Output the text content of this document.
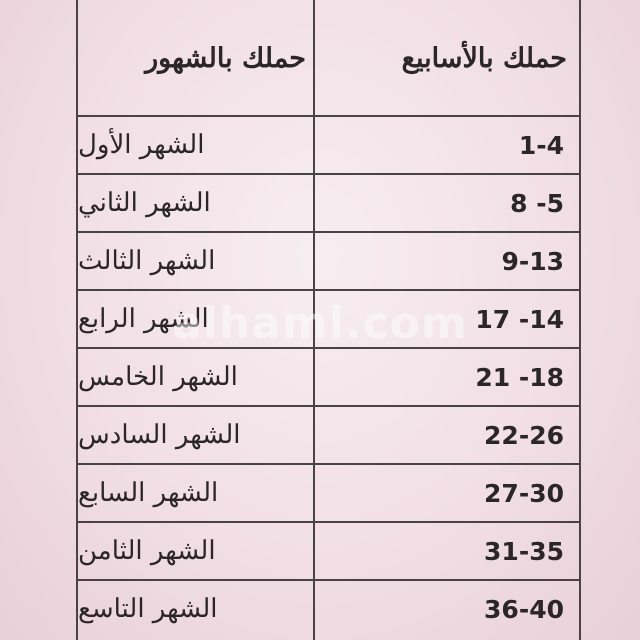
حملك بالأسابيع
حملك بالشهور
1-4
الشهر الأول
8 -5
الشهر الثاني
9-13
الشهر الثالث
17 -14
الشهر الرابع
21 -18
الشهر الخامس
22-26
الشهر السادس
27-30
الشهر السابع
31-35
الشهر الثامن
36-40
الشهر التاسع
alhaml.com
